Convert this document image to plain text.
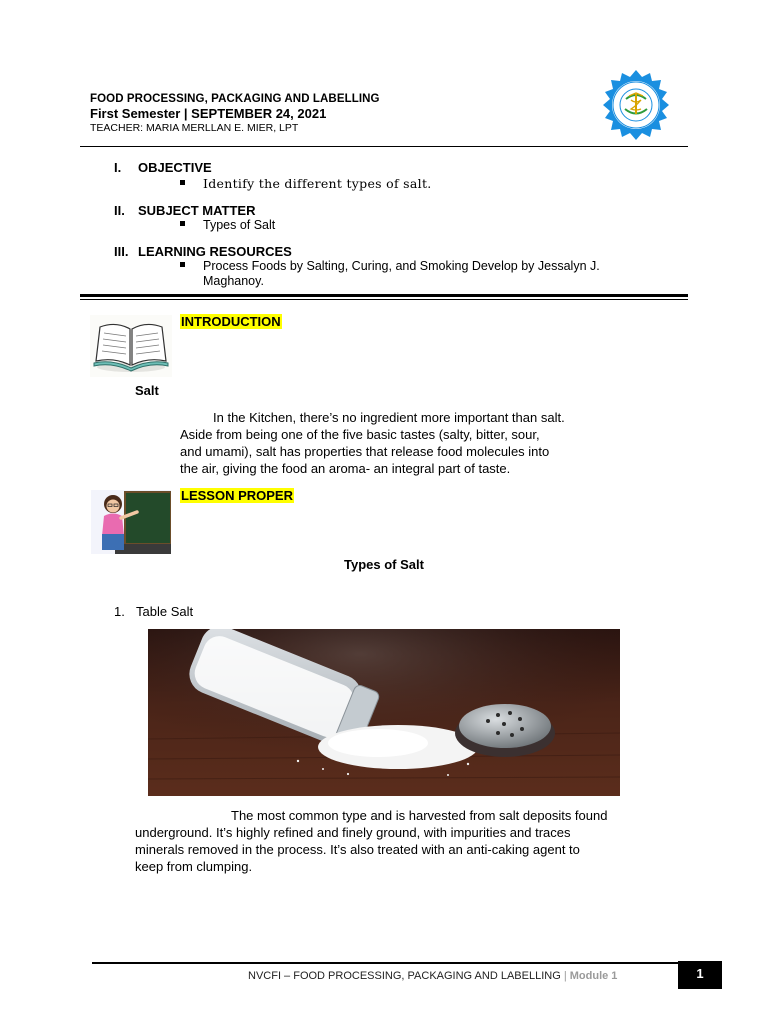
FOOD PROCESSING, PACKAGING AND LABELLING
First Semester | SEPTEMBER 24, 2021
TEACHER: MARIA MERLLAN E. MIER, LPT
I. OBJECTIVE
Identify the different types of salt.
II. SUBJECT MATTER
Types of Salt
III. LEARNING RESOURCES
Process Foods by Salting, Curing, and Smoking Develop by Jessalyn J.
Maghanoy.
INTRODUCTION
Salt
In the Kitchen, there’s no ingredient more important than salt.
Aside from being one of the five basic tastes (salty, bitter, sour,
and umami), salt has properties that release food molecules into
the air, giving the food an aroma- an integral part of taste.
LESSON PROPER
Types of Salt
1. Table Salt
The most common type and is harvested from salt deposits found
underground. It’s highly refined and finely ground, with impurities and traces
minerals removed in the process. It’s also treated with an anti-caking agent to
keep from clumping.
NVCFI – FOOD PROCESSING, PACKAGING AND LABELLING | Module 1	1
